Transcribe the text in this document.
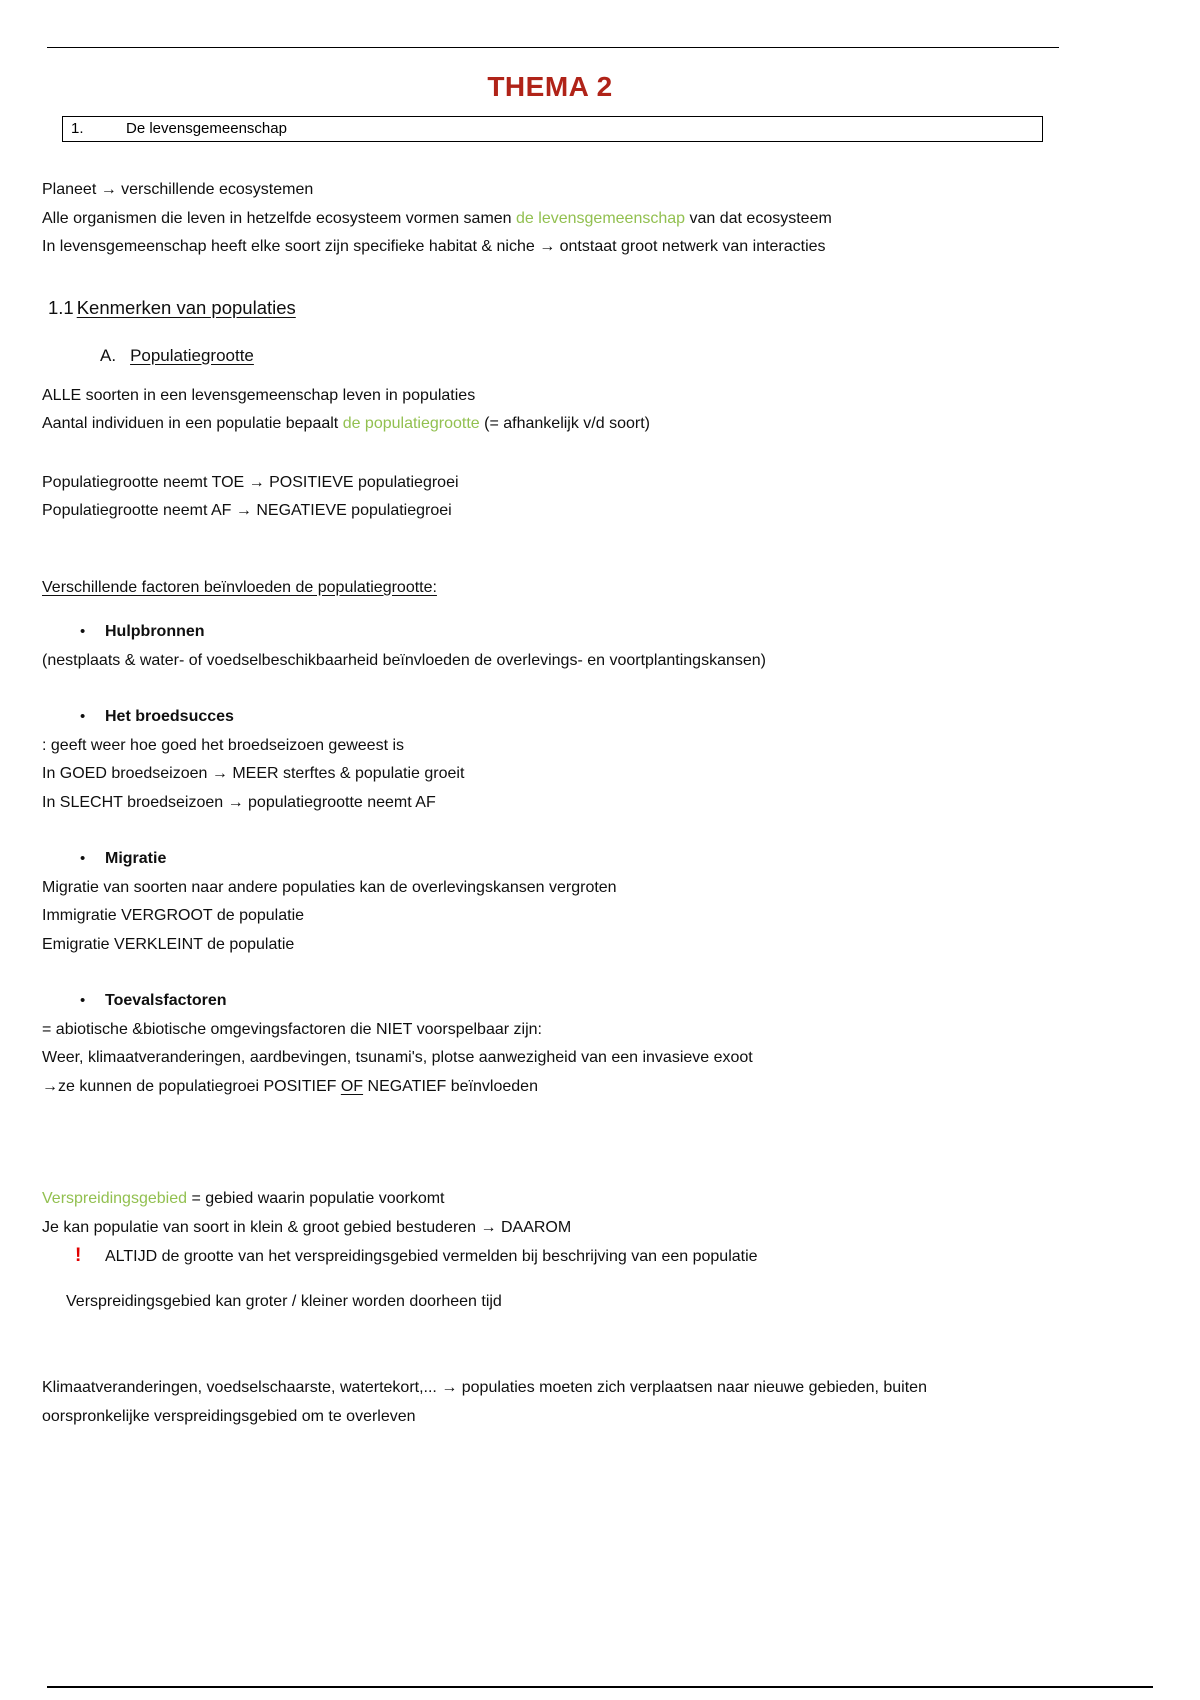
THEMA 2
1.	De levensgemeenschap

Planeet → verschillende ecosystemen
Alle organismen die leven in hetzelfde ecosysteem vormen samen de levensgemeenschap van dat ecosysteem
In levensgemeenschap heeft elke soort zijn specifieke habitat & niche → ontstaat groot netwerk van interacties

1.1 Kenmerken van populaties
A. Populatiegrootte

ALLE soorten in een levensgemeenschap leven in populaties
Aantal individuen in een populatie bepaalt de populatiegrootte (= afhankelijk v/d soort)

Populatiegrootte neemt TOE → POSITIEVE populatiegroei
Populatiegrootte neemt AF → NEGATIEVE populatiegroei

Verschillende factoren beïnvloeden de populatiegrootte:

• Hulpbronnen

(nestplaats & water- of voedselbeschikbaarheid beïnvloeden de overlevings- en voortplantingskansen)

• Het broedsucces

: geeft weer hoe goed het broedseizoen geweest is
In GOED broedseizoen → MEER sterftes & populatie groeit
In SLECHT broedseizoen → populatiegrootte neemt AF

• Migratie

Migratie van soorten naar andere populaties kan de overlevingskansen vergroten
Immigratie VERGROOT de populatie
Emigratie VERKLEINT de populatie

• Toevalsfactoren

= abiotische &biotische omgevingsfactoren die NIET voorspelbaar zijn:
Weer, klimaatveranderingen, aardbevingen, tsunami's, plotse aanwezigheid van een invasieve exoot
→ze kunnen de populatiegroei POSITIEF OF NEGATIEF beïnvloeden

Verspreidingsgebied = gebied waarin populatie voorkomt
Je kan populatie van soort in klein & groot gebied bestuderen → DAAROM
! ALTIJD de grootte van het verspreidingsgebied vermelden bij beschrijving van een populatie

Verspreidingsgebied kan groter / kleiner worden doorheen tijd

Klimaatveranderingen, voedselschaarste, watertekort,... → populaties moeten zich verplaatsen naar nieuwe gebieden, buiten oorspronkelijke verspreidingsgebied om te overleven
